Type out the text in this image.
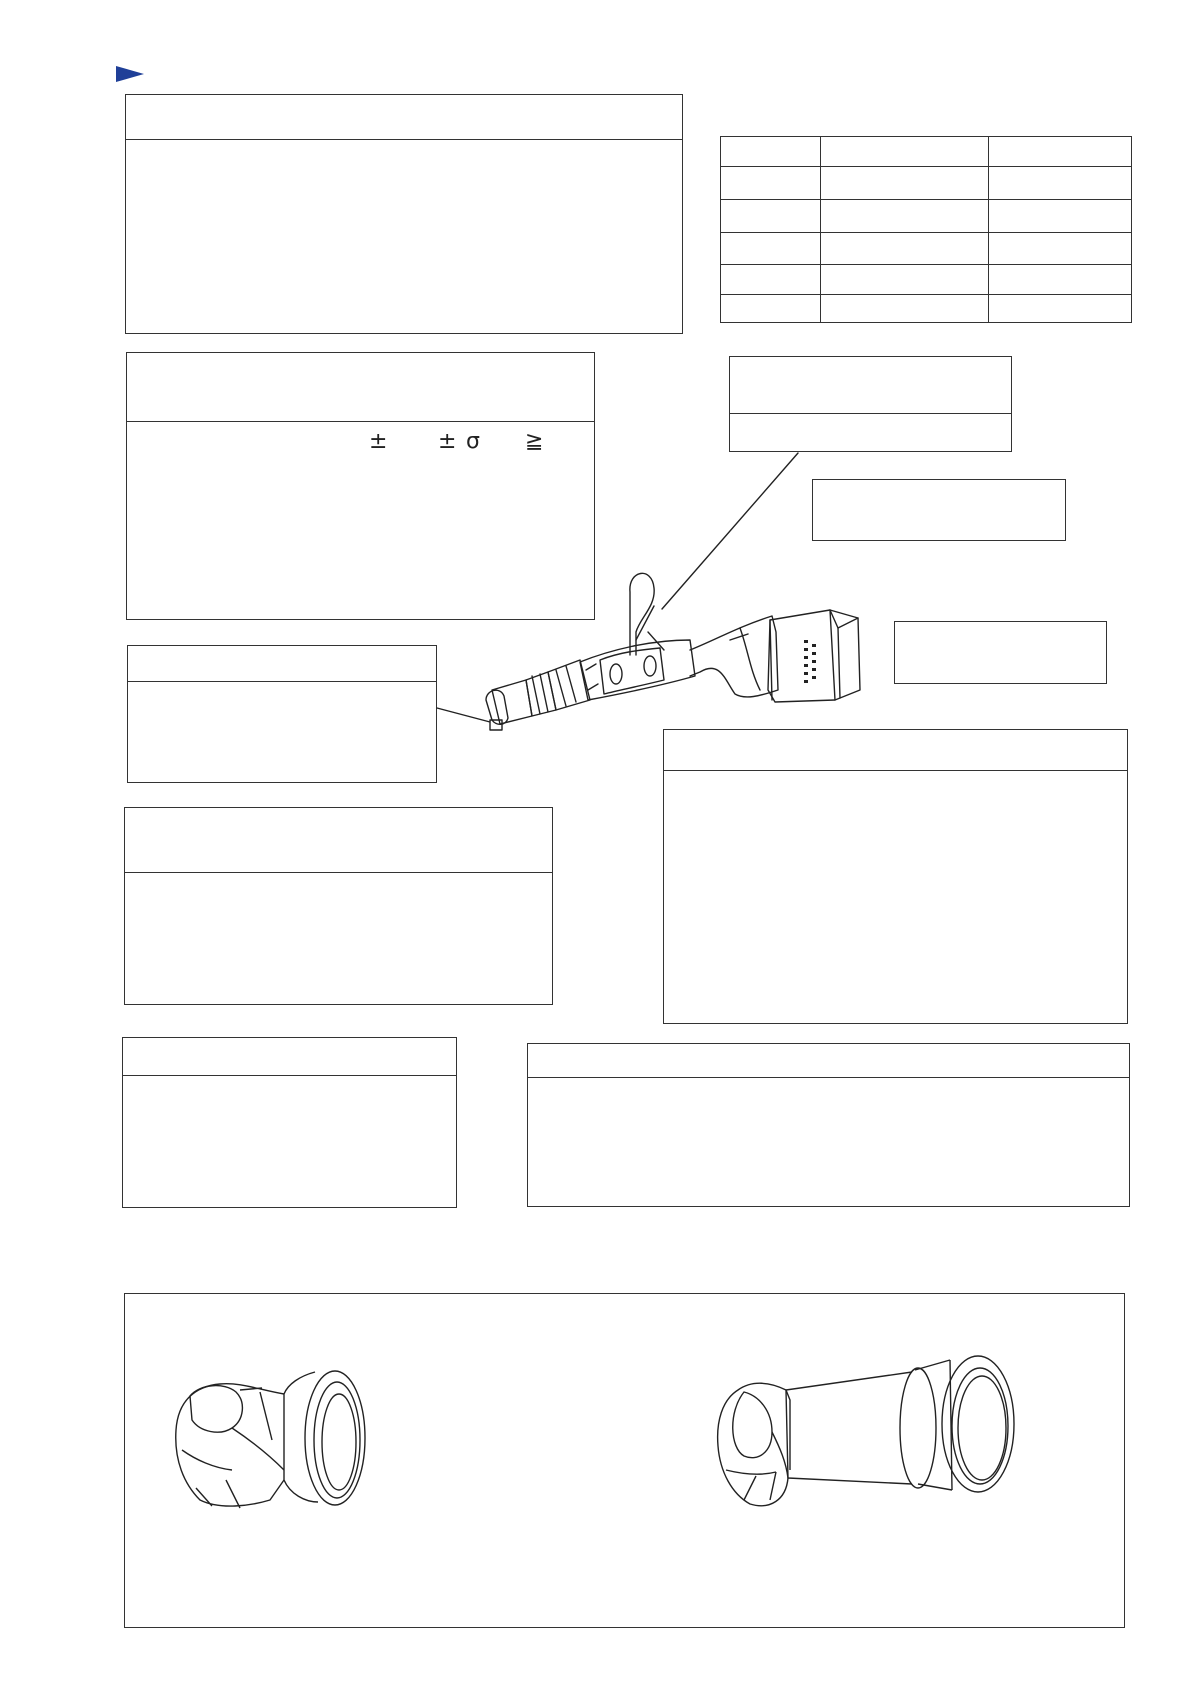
± ± σ ≧
